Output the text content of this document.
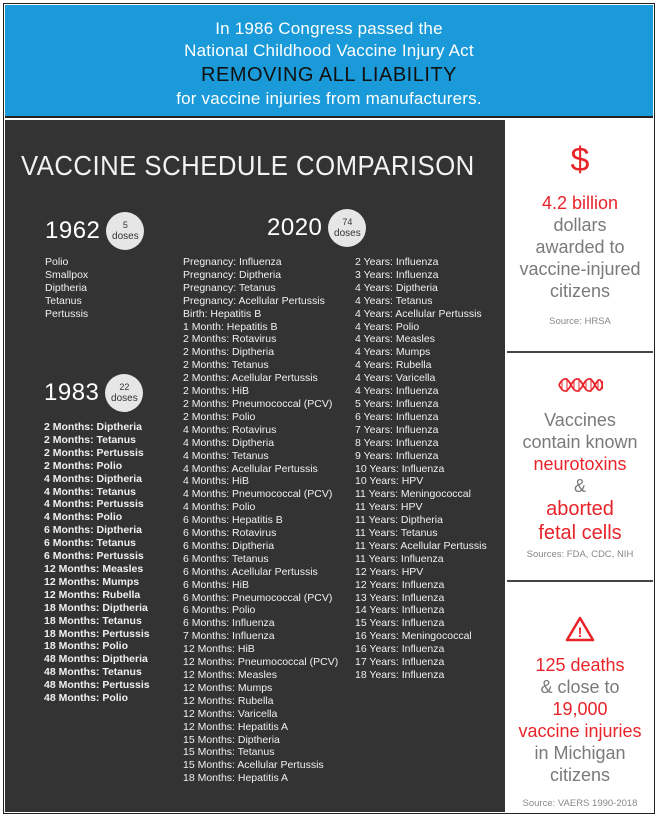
In 1986 Congress passed the
National Childhood Vaccine Injury Act
REMOVING ALL LIABILITY
for vaccine injuries from manufacturers.
VACCINE SCHEDULE COMPARISON
1962 5
doses
Polio
Smallpox
Diptheria
Tetanus
Pertussis
1983 22
doses
2 Months: Diptheria
2 Months: Tetanus
2 Months: Pertussis
2 Months: Polio
4 Months: Diptheria
4 Months: Tetanus
4 Months: Pertussis
4 Months: Polio
6 Months: Diptheria
6 Months: Tetanus
6 Months: Pertussis
12 Months: Measles
12 Months: Mumps
12 Months: Rubella
18 Months: Diptheria
18 Months: Tetanus
18 Months: Pertussis
18 Months: Polio
48 Months: Diptheria
48 Months: Tetanus
48 Months: Pertussis
48 Months: Polio
2020 74
doses
Pregnancy: Influenza
Pregnancy: Diptheria
Pregnancy: Tetanus
Pregnancy: Acellular Pertussis
Birth: Hepatitis B
1 Month: Hepatitis B
2 Months: Rotavirus
2 Months: Diptheria
2 Months: Tetanus
2 Months: Acellular Pertussis
2 Months: HiB
2 Months: Pneumococcal (PCV)
2 Months: Polio
4 Months: Rotavirus
4 Months: Diptheria
4 Months: Tetanus
4 Months: Acellular Pertussis
4 Months: HiB
4 Months: Pneumococcal (PCV)
4 Months: Polio
6 Months: Hepatitis B
6 Months: Rotavirus
6 Months: Diptheria
6 Months: Tetanus
6 Months: Acellular Pertussis
6 Months: HiB
6 Months: Pneumococcal (PCV)
6 Months: Polio
6 Months: Influenza
7 Months: Influenza
12 Months: HiB
12 Months: Pneumococcal (PCV)
12 Months: Measles
12 Months: Mumps
12 Months: Rubella
12 Months: Varicella
12 Months: Hepatitis A
15 Months: Diptheria
15 Months: Tetanus
15 Months: Acellular Pertussis
18 Months: Hepatitis A
2 Years: Influenza
3 Years: Influenza
4 Years: Diptheria
4 Years: Tetanus
4 Years: Acellular Pertussis
4 Years: Polio
4 Years: Measles
4 Years: Mumps
4 Years: Rubella
4 Years: Varicella
4 Years: Influenza
5 Years: Influenza
6 Years: Influenza
7 Years: Influenza
8 Years: Influenza
9 Years: Influenza
10 Years: Influenza
10 Years: HPV
11 Years: Meningococcal
11 Years: HPV
11 Years: Diptheria
11 Years: Tetanus
11 Years: Acellular Pertussis
11 Years: Influenza
12 Years: HPV
12 Years: Influenza
13 Years: Influenza
14 Years: Influenza
15 Years: Influenza
16 Years: Meningococcal
16 Years: Influenza
17 Years: Influenza
18 Years: Influenza
$
4.2 billion
dollars
awarded to
vaccine-injured
citizens
Source: HRSA
Vaccines
contain known
neurotoxins
&
aborted
fetal cells
Sources: FDA, CDC, NIH
!
125 deaths
& close to
19,000
vaccine injuries
in Michigan
citizens
Source: VAERS 1990-2018
